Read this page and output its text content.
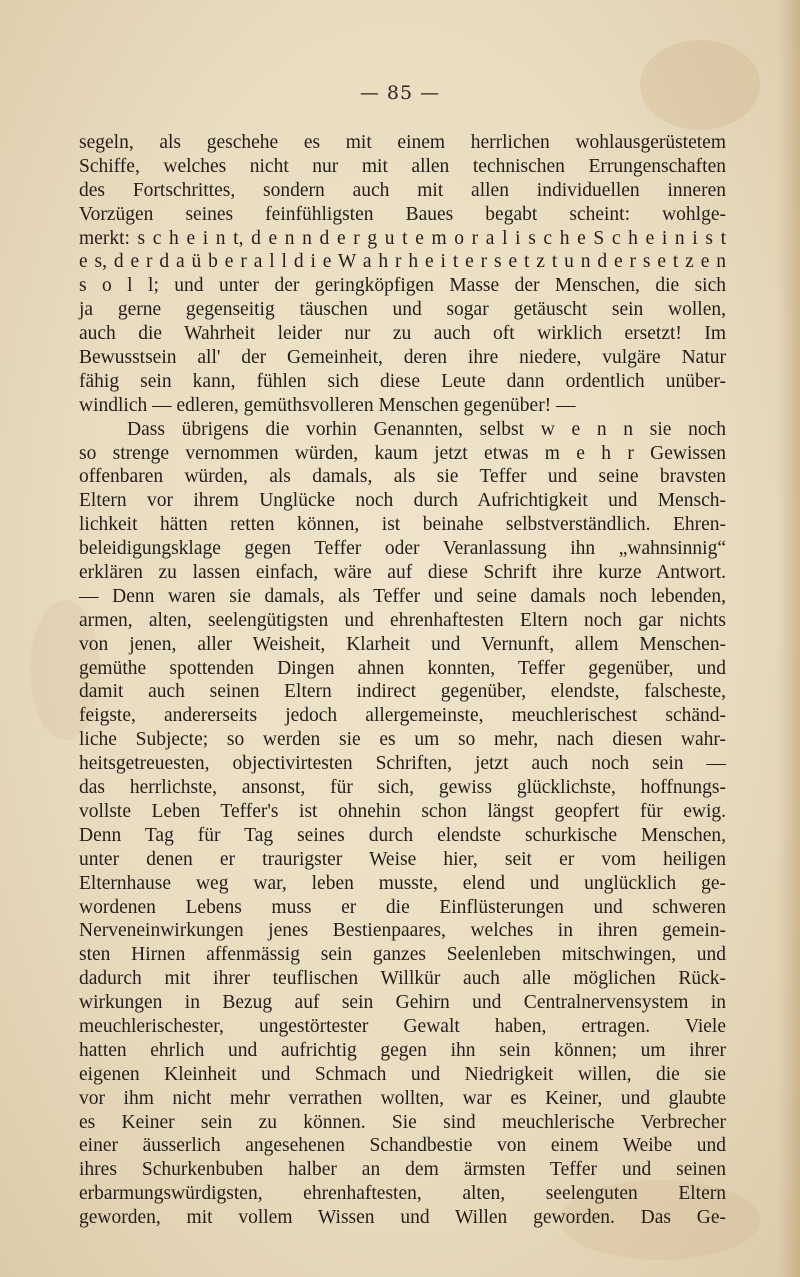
— 85 —
segeln, als geschehe es mit einem herrlichen wohlausgerüstetem
Schiffe, welches nicht nur mit allen technischen Errungenschaften
des Fortschrittes, sondern auch mit allen individuellen inneren
Vorzügen seines feinfühligsten Baues begabt scheint: wohlge-
merkt: s c h e i n t, d e n n d e r g u t e m o r a l i s c h e S c h e i n i s t
e s, d e r d a ü b e r a l l d i e W a h r h e i t e r s e t z t u n d e r s e t z e n
s o l l; und unter der geringköpfigen Masse der Menschen, die sich
ja gerne gegenseitig täuschen und sogar getäuscht sein wollen,
auch die Wahrheit leider nur zu auch oft wirklich ersetzt! Im
Bewusstsein all' der Gemeinheit, deren ihre niedere, vulgäre Natur
fähig sein kann, fühlen sich diese Leute dann ordentlich unüber-
windlich — edleren, gemüthsvolleren Menschen gegenüber! —
Dass übrigens die vorhin Genannten, selbst w e n n sie noch
so strenge vernommen würden, kaum jetzt etwas m e h r Gewissen
offenbaren würden, als damals, als sie Teffer und seine bravsten
Eltern vor ihrem Unglücke noch durch Aufrichtigkeit und Mensch-
lichkeit hätten retten können, ist beinahe selbstverständlich. Ehren-
beleidigungsklage gegen Teffer oder Veranlassung ihn „wahnsinnig“
erklären zu lassen einfach, wäre auf diese Schrift ihre kurze Antwort.
— Denn waren sie damals, als Teffer und seine damals noch lebenden,
armen, alten, seelengütigsten und ehrenhaftesten Eltern noch gar nichts
von jenen, aller Weisheit, Klarheit und Vernunft, allem Menschen-
gemüthe spottenden Dingen ahnen konnten, Teffer gegenüber, und
damit auch seinen Eltern indirect gegenüber, elendste, falscheste,
feigste, andererseits jedoch allergemeinste, meuchlerischest schänd-
liche Subjecte; so werden sie es um so mehr, nach diesen wahr-
heitsgetreuesten, objectivirtesten Schriften, jetzt auch noch sein —
das herrlichste, ansonst, für sich, gewiss glücklichste, hoffnungs-
vollste Leben Teffer's ist ohnehin schon längst geopfert für ewig.
Denn Tag für Tag seines durch elendste schurkische Menschen,
unter denen er traurigster Weise hier, seit er vom heiligen
Elternhause weg war, leben musste, elend und unglücklich ge-
wordenen Lebens muss er die Einflüsterungen und schweren
Nerveneinwirkungen jenes Bestienpaares, welches in ihren gemein-
sten Hirnen affenmässig sein ganzes Seelenleben mitschwingen, und
dadurch mit ihrer teuflischen Willkür auch alle möglichen Rück-
wirkungen in Bezug auf sein Gehirn und Centralnervensystem in
meuchlerischester, ungestörtester Gewalt haben, ertragen. Viele
hatten ehrlich und aufrichtig gegen ihn sein können; um ihrer
eigenen Kleinheit und Schmach und Niedrigkeit willen, die sie
vor ihm nicht mehr verrathen wollten, war es Keiner, und glaubte
es Keiner sein zu können. Sie sind meuchlerische Verbrecher
einer äusserlich angesehenen Schandbestie von einem Weibe und
ihres Schurkenbuben halber an dem ärmsten Teffer und seinen
erbarmungswürdigsten, ehrenhaftesten, alten, seelenguten Eltern
geworden, mit vollem Wissen und Willen geworden. Das Ge-
